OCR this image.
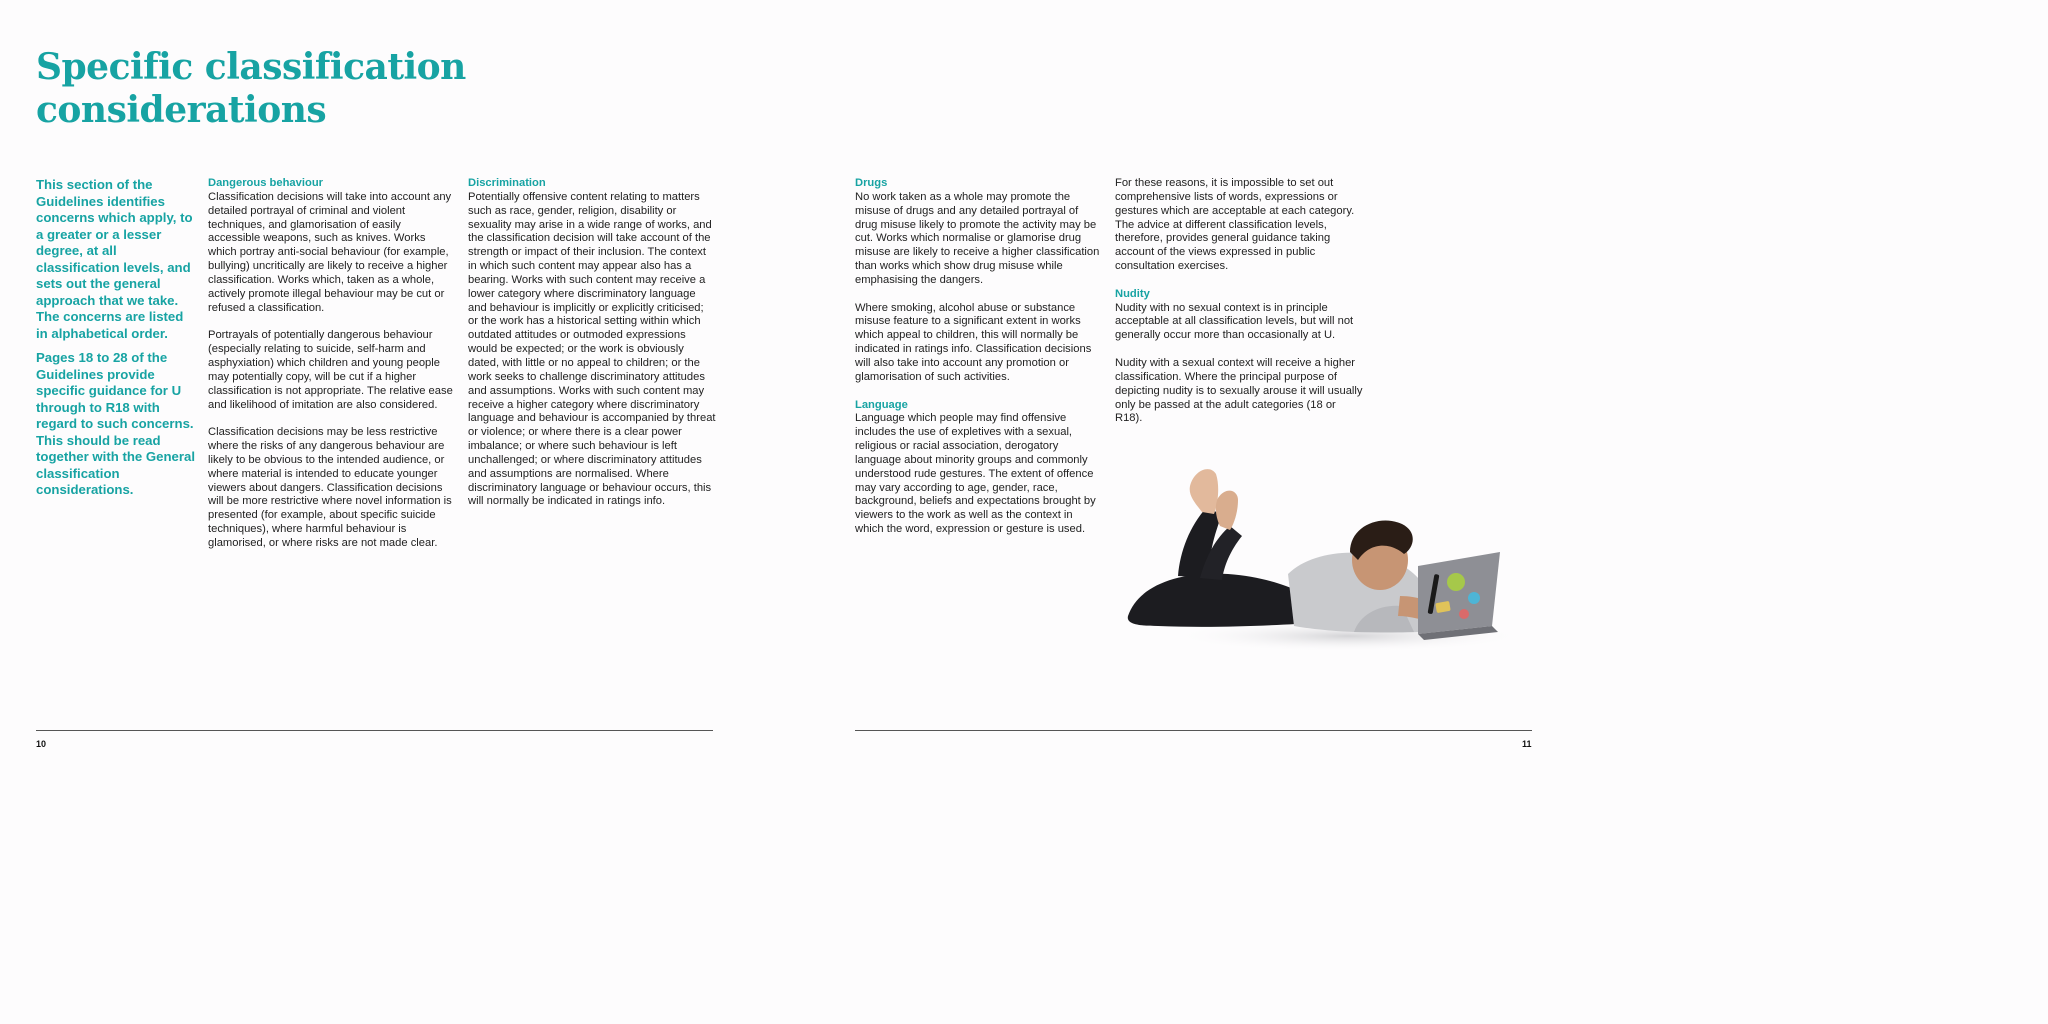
Specific classification considerations

This section of the Guidelines identifies concerns which apply, to a greater or a lesser degree, at all classification levels, and sets out the general approach that we take. The concerns are listed in alphabetical order.

Pages 18 to 28 of the Guidelines provide specific guidance for U through to R18 with regard to such concerns. This should be read together with the General classification considerations.

Dangerous behaviour

Classification decisions will take into account any detailed portrayal of criminal and violent techniques, and glamorisation of easily accessible weapons, such as knives. Works which portray anti-social behaviour (for example, bullying) uncritically are likely to receive a higher classification. Works which, taken as a whole, actively promote illegal behaviour may be cut or refused a classification.

Portrayals of potentially dangerous behaviour (especially relating to suicide, self-harm and asphyxiation) which children and young people may potentially copy, will be cut if a higher classification is not appropriate. The relative ease and likelihood of imitation are also considered.

Classification decisions may be less restrictive where the risks of any dangerous behaviour are likely to be obvious to the intended audience, or where material is intended to educate younger viewers about dangers. Classification decisions will be more restrictive where novel information is presented (for example, about specific suicide techniques), where harmful behaviour is glamorised, or where risks are not made clear.

Discrimination

Potentially offensive content relating to matters such as race, gender, religion, disability or sexuality may arise in a wide range of works, and the classification decision will take account of the strength or impact of their inclusion. The context in which such content may appear also has a bearing. Works with such content may receive a lower category where discriminatory language and behaviour is implicitly or explicitly criticised; or the work has a historical setting within which outdated attitudes or outmoded expressions would be expected; or the work is obviously dated, with little or no appeal to children; or the work seeks to challenge discriminatory attitudes and assumptions. Works with such content may receive a higher category where discriminatory language and behaviour is accompanied by threat or violence; or where there is a clear power imbalance; or where such behaviour is left unchallenged; or where discriminatory attitudes and assumptions are normalised. Where discriminatory language or behaviour occurs, this will normally be indicated in ratings info.

10
Drugs

No work taken as a whole may promote the misuse of drugs and any detailed portrayal of drug misuse likely to promote the activity may be cut. Works which normalise or glamorise drug misuse are likely to receive a higher classification than works which show drug misuse while emphasising the dangers.

Where smoking, alcohol abuse or substance misuse feature to a significant extent in works which appeal to children, this will normally be indicated in ratings info. Classification decisions will also take into account any promotion or glamorisation of such activities.

Language

Language which people may find offensive includes the use of expletives with a sexual, religious or racial association, derogatory language about minority groups and commonly understood rude gestures. The extent of offence may vary according to age, gender, race, background, beliefs and expectations brought by viewers to the work as well as the context in which the word, expression or gesture is used.

For these reasons, it is impossible to set out comprehensive lists of words, expressions or gestures which are acceptable at each category. The advice at different classification levels, therefore, provides general guidance taking account of the views expressed in public consultation exercises.

Nudity

Nudity with no sexual context is in principle acceptable at all classification levels, but will not generally occur more than occasionally at U.

Nudity with a sexual context will receive a higher classification. Where the principal purpose of depicting nudity is to sexually arouse it will usually only be passed at the adult categories (18 or R18).

11
